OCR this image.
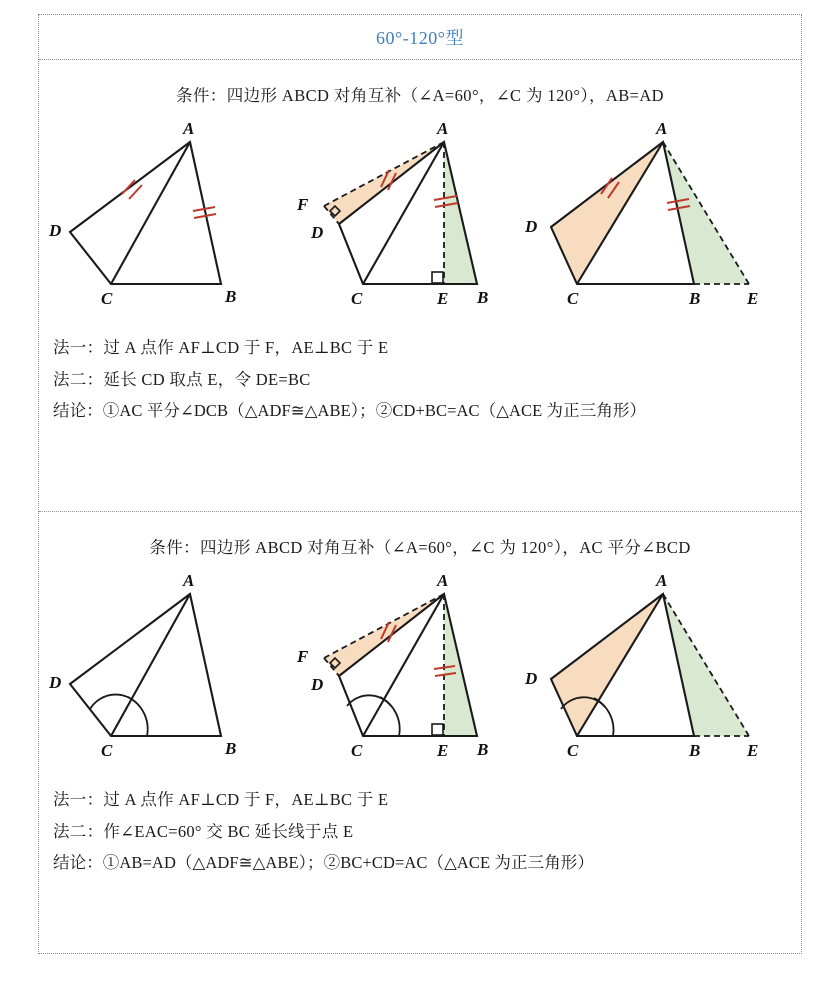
60°-120°型
条件：四边形 ABCD 对角互补（∠A=60°，∠C 为 120°），AB=AD
A
B
C
D
A
B
C
D
E
F
A
B
C
D
E

法一：过 A 点作 AF⊥CD 于 F，AE⊥BC 于 E

法二：延长 CD 取点 E，令 DE=BC

结论：①AC 平分∠DCB（△ADF≅△ABE）；②CD+BC=AC（△ACE 为正三角形）

条件：四边形 ABCD 对角互补（∠A=60°，∠C 为 120°），AC 平分∠BCD
A
B
C
D
A
B
C
D
E
F
A
B
C
D
E

法一：过 A 点作 AF⊥CD 于 F，AE⊥BC 于 E

法二：作∠EAC=60° 交 BC 延长线于点 E

结论：①AB=AD（△ADF≅△ABE）；②BC+CD=AC（△ACE 为正三角形）
